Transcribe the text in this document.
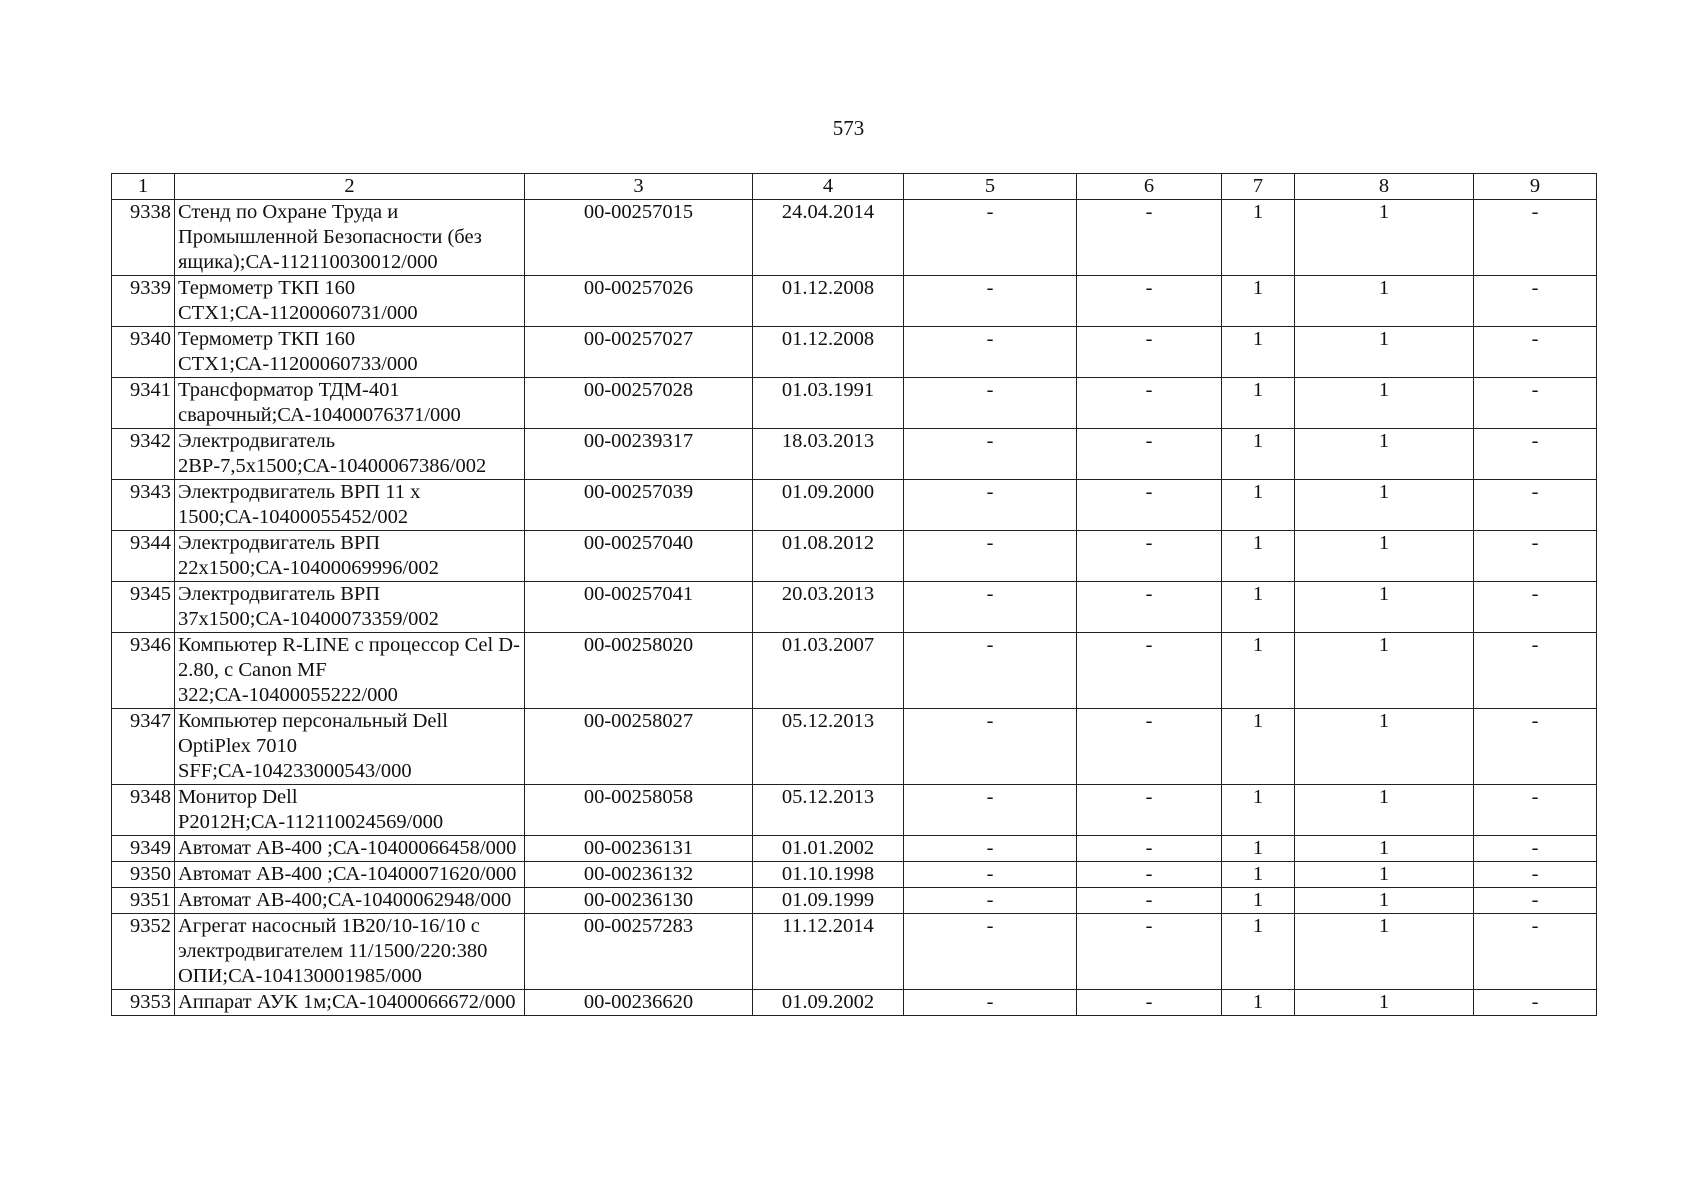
573
1	2	3	4	5	6	7	8	9
9338	Стенд по Охране Труда и Промышленной Безопасности (без ящика);СА-112110030012/000	00-00257015	24.04.2014	-	-	1	1	-
9339	Термометр ТКП 160 СТХ1;СА-11200060731/000	00-00257026	01.12.2008	-	-	1	1	-
9340	Термометр ТКП 160 СТХ1;СА-11200060733/000	00-00257027	01.12.2008	-	-	1	1	-
9341	Трансформатор ТДМ-401 сварочный;СА-10400076371/000	00-00257028	01.03.1991	-	-	1	1	-
9342	Электродвигатель 2ВР-7,5х1500;СА-10400067386/002	00-00239317	18.03.2013	-	-	1	1	-
9343	Электродвигатель ВРП 11 х 1500;СА-10400055452/002	00-00257039	01.09.2000	-	-	1	1	-
9344	Электродвигатель ВРП 22х1500;СА-10400069996/002	00-00257040	01.08.2012	-	-	1	1	-
9345	Электродвигатель ВРП 37х1500;СА-10400073359/002	00-00257041	20.03.2013	-	-	1	1	-
9346	Компьютер R-LINE с процессор Cel D-2.80, с Canon MF 322;СА-10400055222/000	00-00258020	01.03.2007	-	-	1	1	-
9347	Компьютер персональный Dell OptiPlex 7010 SFF;СА-104233000543/000	00-00258027	05.12.2013	-	-	1	1	-
9348	Монитор Dell P2012H;СА-112110024569/000	00-00258058	05.12.2013	-	-	1	1	-
9349	Автомат АВ-400 ;СА-10400066458/000	00-00236131	01.01.2002	-	-	1	1	-
9350	Автомат АВ-400 ;СА-10400071620/000	00-00236132	01.10.1998	-	-	1	1	-
9351	Автомат АВ-400;СА-10400062948/000	00-00236130	01.09.1999	-	-	1	1	-
9352	Агрегат насосный 1В20/10-16/10 с электродвигателем 11/1500/220:380 ОПИ;СА-104130001985/000	00-00257283	11.12.2014	-	-	1	1	-
9353	Аппарат АУК 1м;СА-10400066672/000	00-00236620	01.09.2002	-	-	1	1	-
